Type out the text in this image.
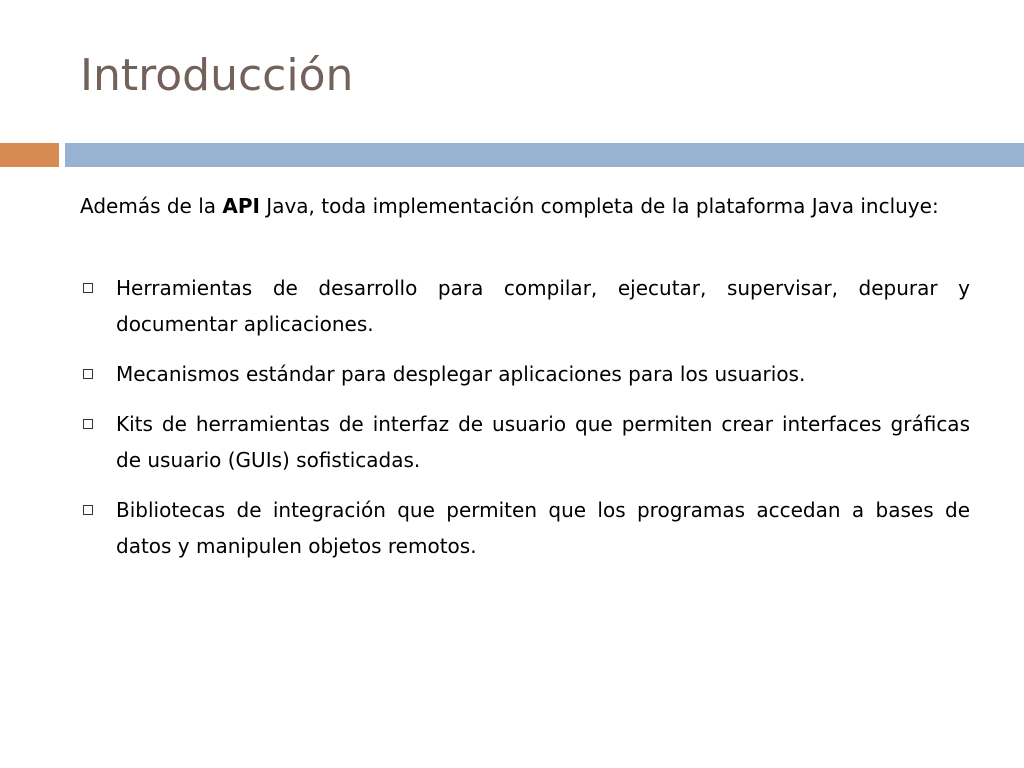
Introducción

Además de la API Java, toda implementación completa de la plataforma Java incluye:

Herramientas de desarrollo para compilar, ejecutar, supervisar, depurar y documentar aplicaciones.
Mecanismos estándar para desplegar aplicaciones para los usuarios.
Kits de herramientas de interfaz de usuario que permiten crear interfaces gráficas de usuario (GUIs) sofisticadas.
Bibliotecas de integración que permiten que los programas accedan a bases de datos y manipulen objetos remotos.
